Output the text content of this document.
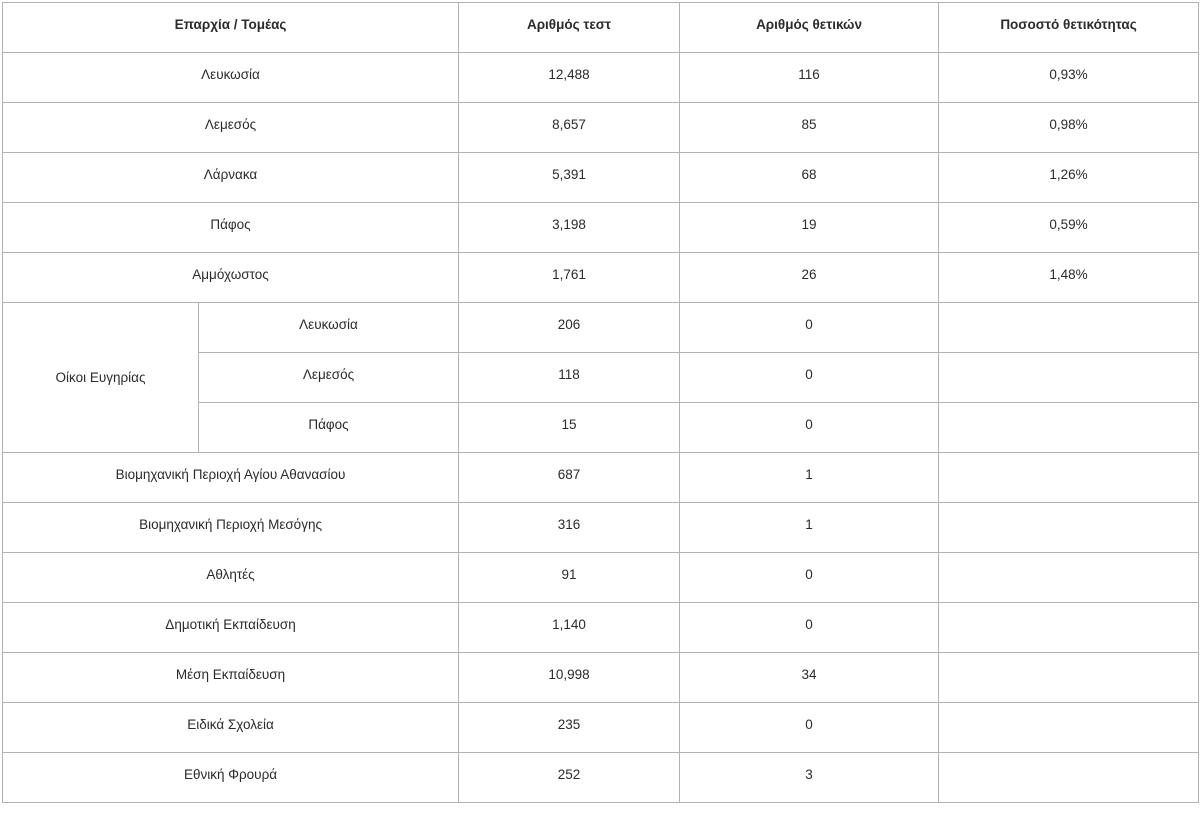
Επαρχία / Τομέας		Αριθμός τεστ	Αριθμός θετικών	Ποσοστό θετικότητας
Λευκωσία		12,488	116	0,93%
Λεμεσός		8,657	85	0,98%
Λάρνακα		5,391	68	1,26%
Πάφος		3,198	19	0,59%
Αμμόχωστος		1,761	26	1,48%
Οίκοι Ευγηρίας	Λευκωσία	206	0	
	Λεμεσός	118	0	
	Πάφος	15	0	
Βιομηχανική Περιοχή Αγίου Αθανασίου		687	1	
Βιομηχανική Περιοχή Μεσόγης		316	1	
Αθλητές		91	0	
Δημοτική Εκπαίδευση		1,140	0	
Μέση Εκπαίδευση		10,998	34	
Ειδικά Σχολεία		235	0	
Εθνική Φρουρά		252	3	
